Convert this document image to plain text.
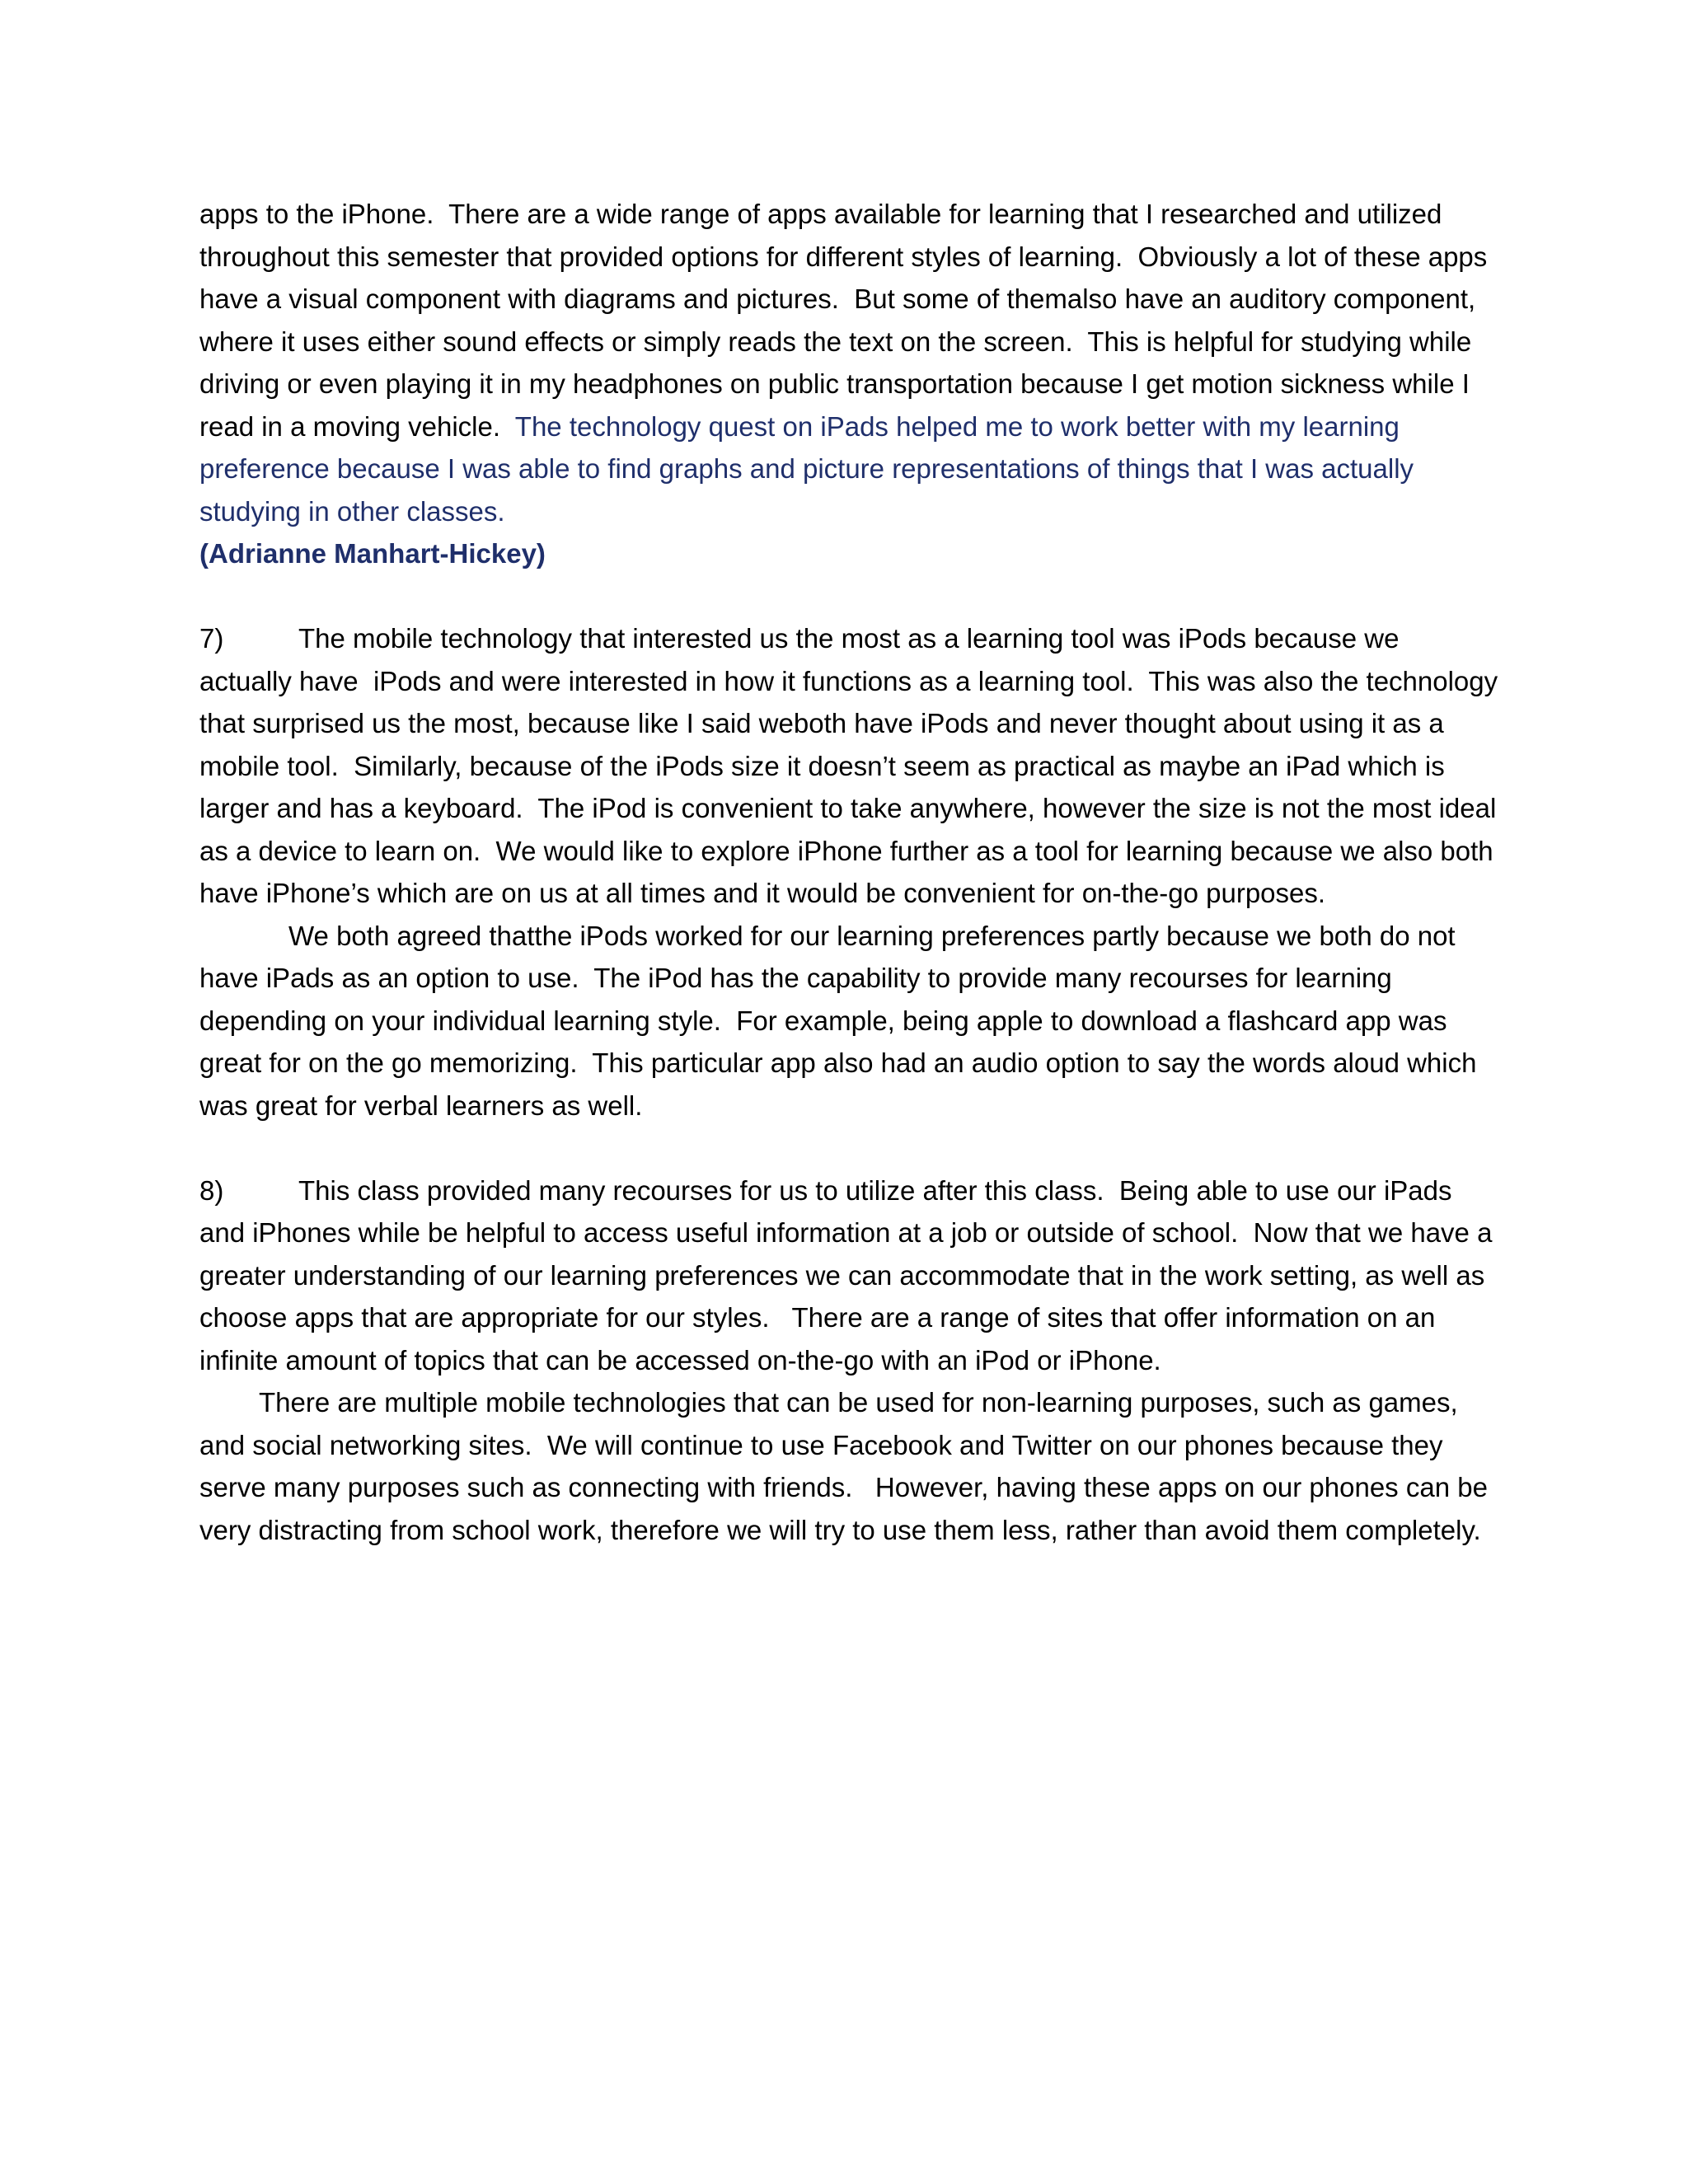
apps to the iPhone.  There are a wide range of apps available for learning that I researched and utilized throughout this semester that provided options for different styles of learning.  Obviously a lot of these apps have a visual component with diagrams and pictures.  But some of themalso have an auditory component, where it uses either sound effects or simply reads the text on the screen.  This is helpful for studying while driving or even playing it in my headphones on public transportation because I get motion sickness while I read in a moving vehicle.  The technology quest on iPads helped me to work better with my learning preference because I was able to find graphs and picture representations of things that I was actually studying in other classes.

(Adrianne Manhart-Hickey)

7)	The mobile technology that interested us the most as a learning tool was iPods because we actually have  iPods and were interested in how it functions as a learning tool.  This was also the technology that surprised us the most, because like I said weboth have iPods and never thought about using it as a mobile tool.  Similarly, because of the iPods size it doesn’t seem as practical as maybe an iPad which is larger and has a keyboard.  The iPod is convenient to take anywhere, however the size is not the most ideal as a device to learn on.  We would like to explore iPhone further as a tool for learning because we also both have iPhone’s which are on us at all times and it would be convenient for on-the-go purposes.

We both agreed thatthe iPods worked for our learning preferences partly because we both do not have iPads as an option to use.  The iPod has the capability to provide many recourses for learning depending on your individual learning style.  For example, being apple to download a flashcard app was great for on the go memorizing.  This particular app also had an audio option to say the words aloud which was great for verbal learners as well.

8)	This class provided many recourses for us to utilize after this class.  Being able to use our iPads and iPhones while be helpful to access useful information at a job or outside of school.  Now that we have a greater understanding of our learning preferences we can accommodate that in the work setting, as well as choose apps that are appropriate for our styles.   There are a range of sites that offer information on an infinite amount of topics that can be accessed on-the-go with an iPod or iPhone.

There are multiple mobile technologies that can be used for non-learning purposes, such as games, and social networking sites.  We will continue to use Facebook and Twitter on our phones because they serve many purposes such as connecting with friends.   However, having these apps on our phones can be very distracting from school work, therefore we will try to use them less, rather than avoid them completely.
